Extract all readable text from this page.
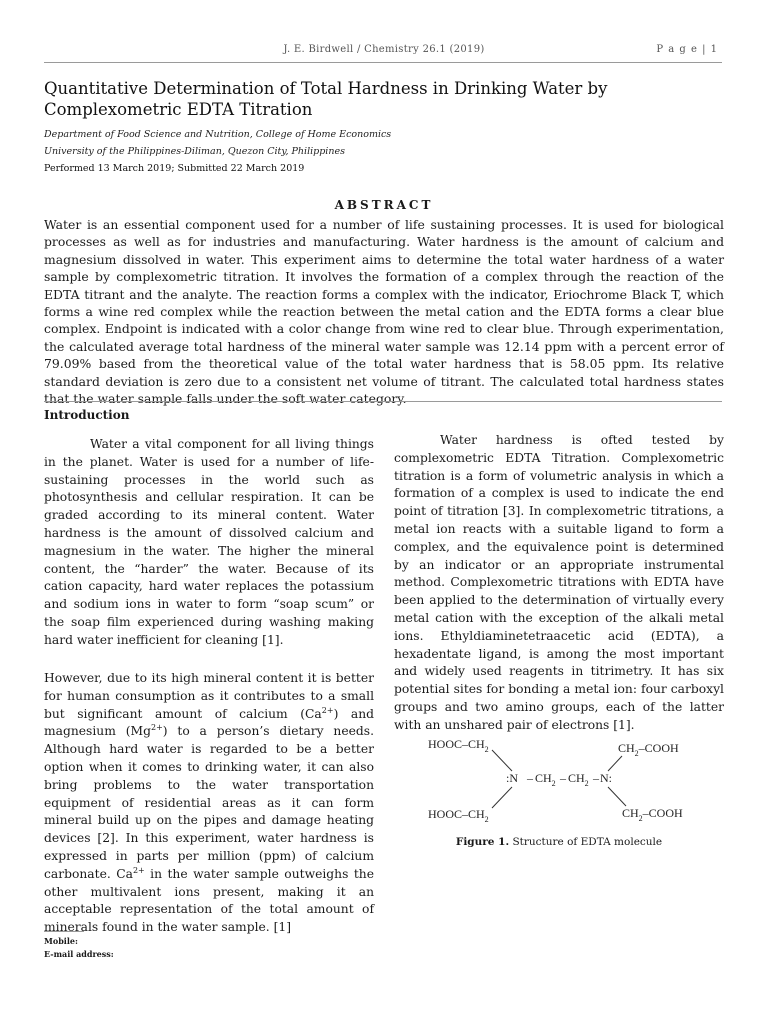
J. E. Birdwell / Chemistry 26.1 (2019)	P a g e | 1
Quantitative Determination of Total Hardness in Drinking Water by Complexometric EDTA Titration
Department of Food Science and Nutrition, College of Home Economics
University of the Philippines-Diliman, Quezon City, Philippines
Performed 13 March 2019; Submitted 22 March 2019
ABSTRACT
Water is an essential component used for a number of life sustaining processes. It is used for biological processes as well as for industries and manufacturing. Water hardness is the amount of calcium and magnesium dissolved in water. This experiment aims to determine the total water hardness of a water sample by complexometric titration. It involves the formation of a complex through the reaction of the EDTA titrant and the analyte. The reaction forms a complex with the indicator, Eriochrome Black T, which forms a wine red complex while the reaction between the metal cation and the EDTA forms a clear blue complex. Endpoint is indicated with a color change from wine red to clear blue. Through experimentation, the calculated average total hardness of the mineral water sample was 12.14 ppm with a percent error of 79.09% based from the theoretical value of the total water hardness that is 58.05 ppm. Its relative standard deviation is zero due to a consistent net volume of titrant. The calculated total hardness states that the water sample falls under the soft water category.
Introduction
Water a vital component for all living things in the planet. Water is used for a number of life-sustaining processes in the world such as photosynthesis and cellular respiration. It can be graded according to its mineral content. Water hardness is the amount of dissolved calcium and magnesium in the water. The higher the mineral content, the “harder” the water. Because of its cation capacity, hard water replaces the potassium and sodium ions in water to form “soap scum” or the soap film experienced during washing making hard water inefficient for cleaning [1].
However, due to its high mineral content it is better for human consumption as it contributes to a small but significant amount of calcium $(Ca^{2+})$ and magnesium $(Mg^{2+})$ to a person’s dietary needs. Although hard water is regarded to be a better option when it comes to drinking water, it can also bring problems to the water transportation equipment of residential areas as it can form mineral build up on the pipes and damage heating devices [2]. In this experiment, water hardness is expressed in parts per million (ppm) of calcium carbonate. $Ca^{2+}$ in the water sample outweighs the other multivalent ions present, making it an acceptable representation of the total amount of minerals found in the water sample. [1]
Water hardness is ofted tested by complexometric EDTA Titration. Complexometric titration is a form of volumetric analysis in which a formation of a complex is used to indicate the end point of titration [3]. In complexometric titrations, a metal ion reacts with a suitable ligand to form a complex, and the equivalence point is determined by an indicator or an appropriate instrumental method. Complexometric titrations with EDTA have been applied to the determination of virtually every metal cation with the exception of the alkali metal ions. Ethyldiaminetetraacetic acid (EDTA), a hexadentate ligand, is among the most important and widely used reagents in titrimetry. It has six potential sites for bonding a metal ion: four carboxyl groups and two amino groups, each of the latter with an unshared pair of electrons [1].
HOOC–$CH_2$
HOOC–$CH_2$
$CH_2$–COOH
$CH_2$–COOH
:N – $CH_2 - CH_2$ – N:
Figure 1. Structure of EDTA molecule
Mobile:
E-mail address:
